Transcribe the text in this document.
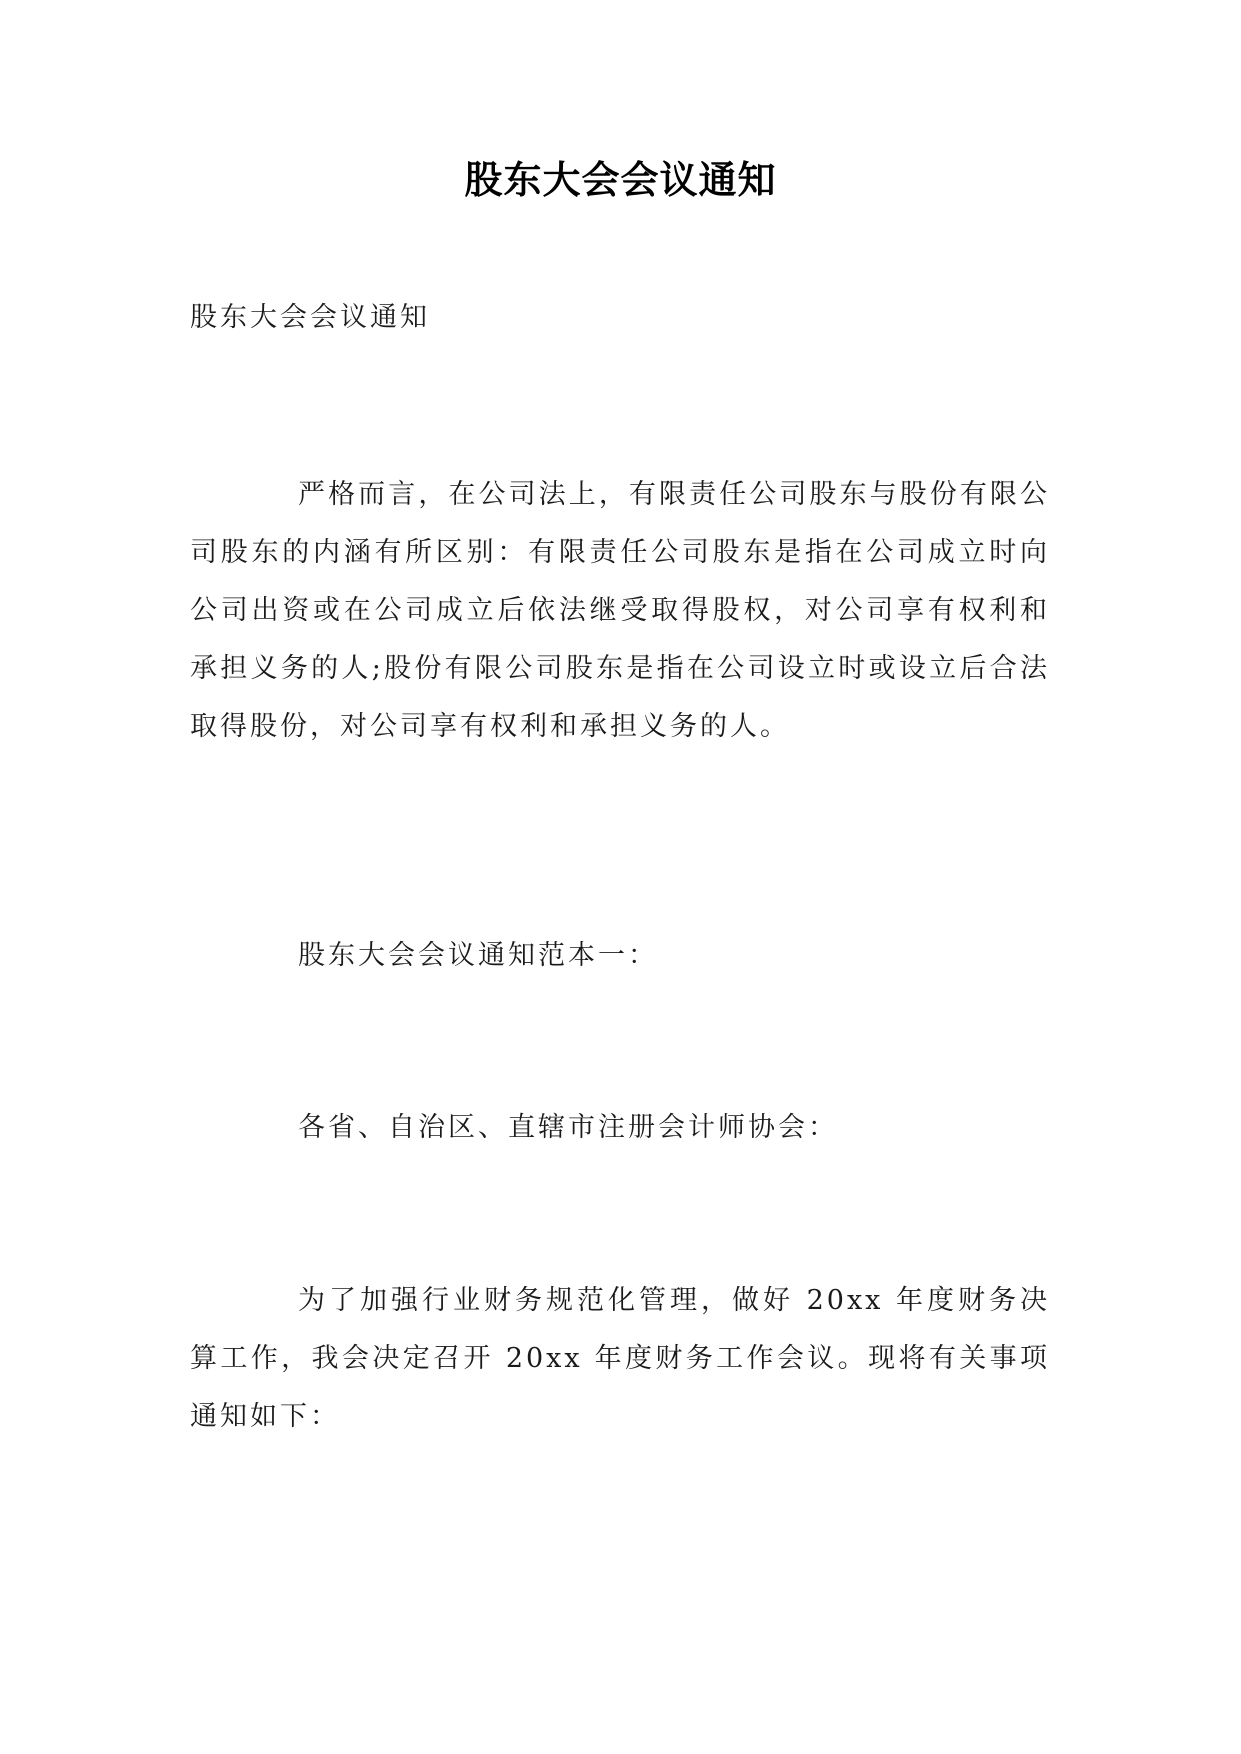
股东大会会议通知

股东大会会议通知

严格而言，在公司法上，有限责任公司股东与股份有限公司股东的内涵有所区别：有限责任公司股东是指在公司成立时向公司出资或在公司成立后依法继受取得股权，对公司享有权利和承担义务的人;股份有限公司股东是指在公司设立时或设立后合法取得股份，对公司享有权利和承担义务的人。

股东大会会议通知范本一：

各省、自治区、直辖市注册会计师协会：

为了加强行业财务规范化管理，做好 20xx 年度财务决算工作，我会决定召开 20xx 年度财务工作会议。现将有关事项通知如下：
